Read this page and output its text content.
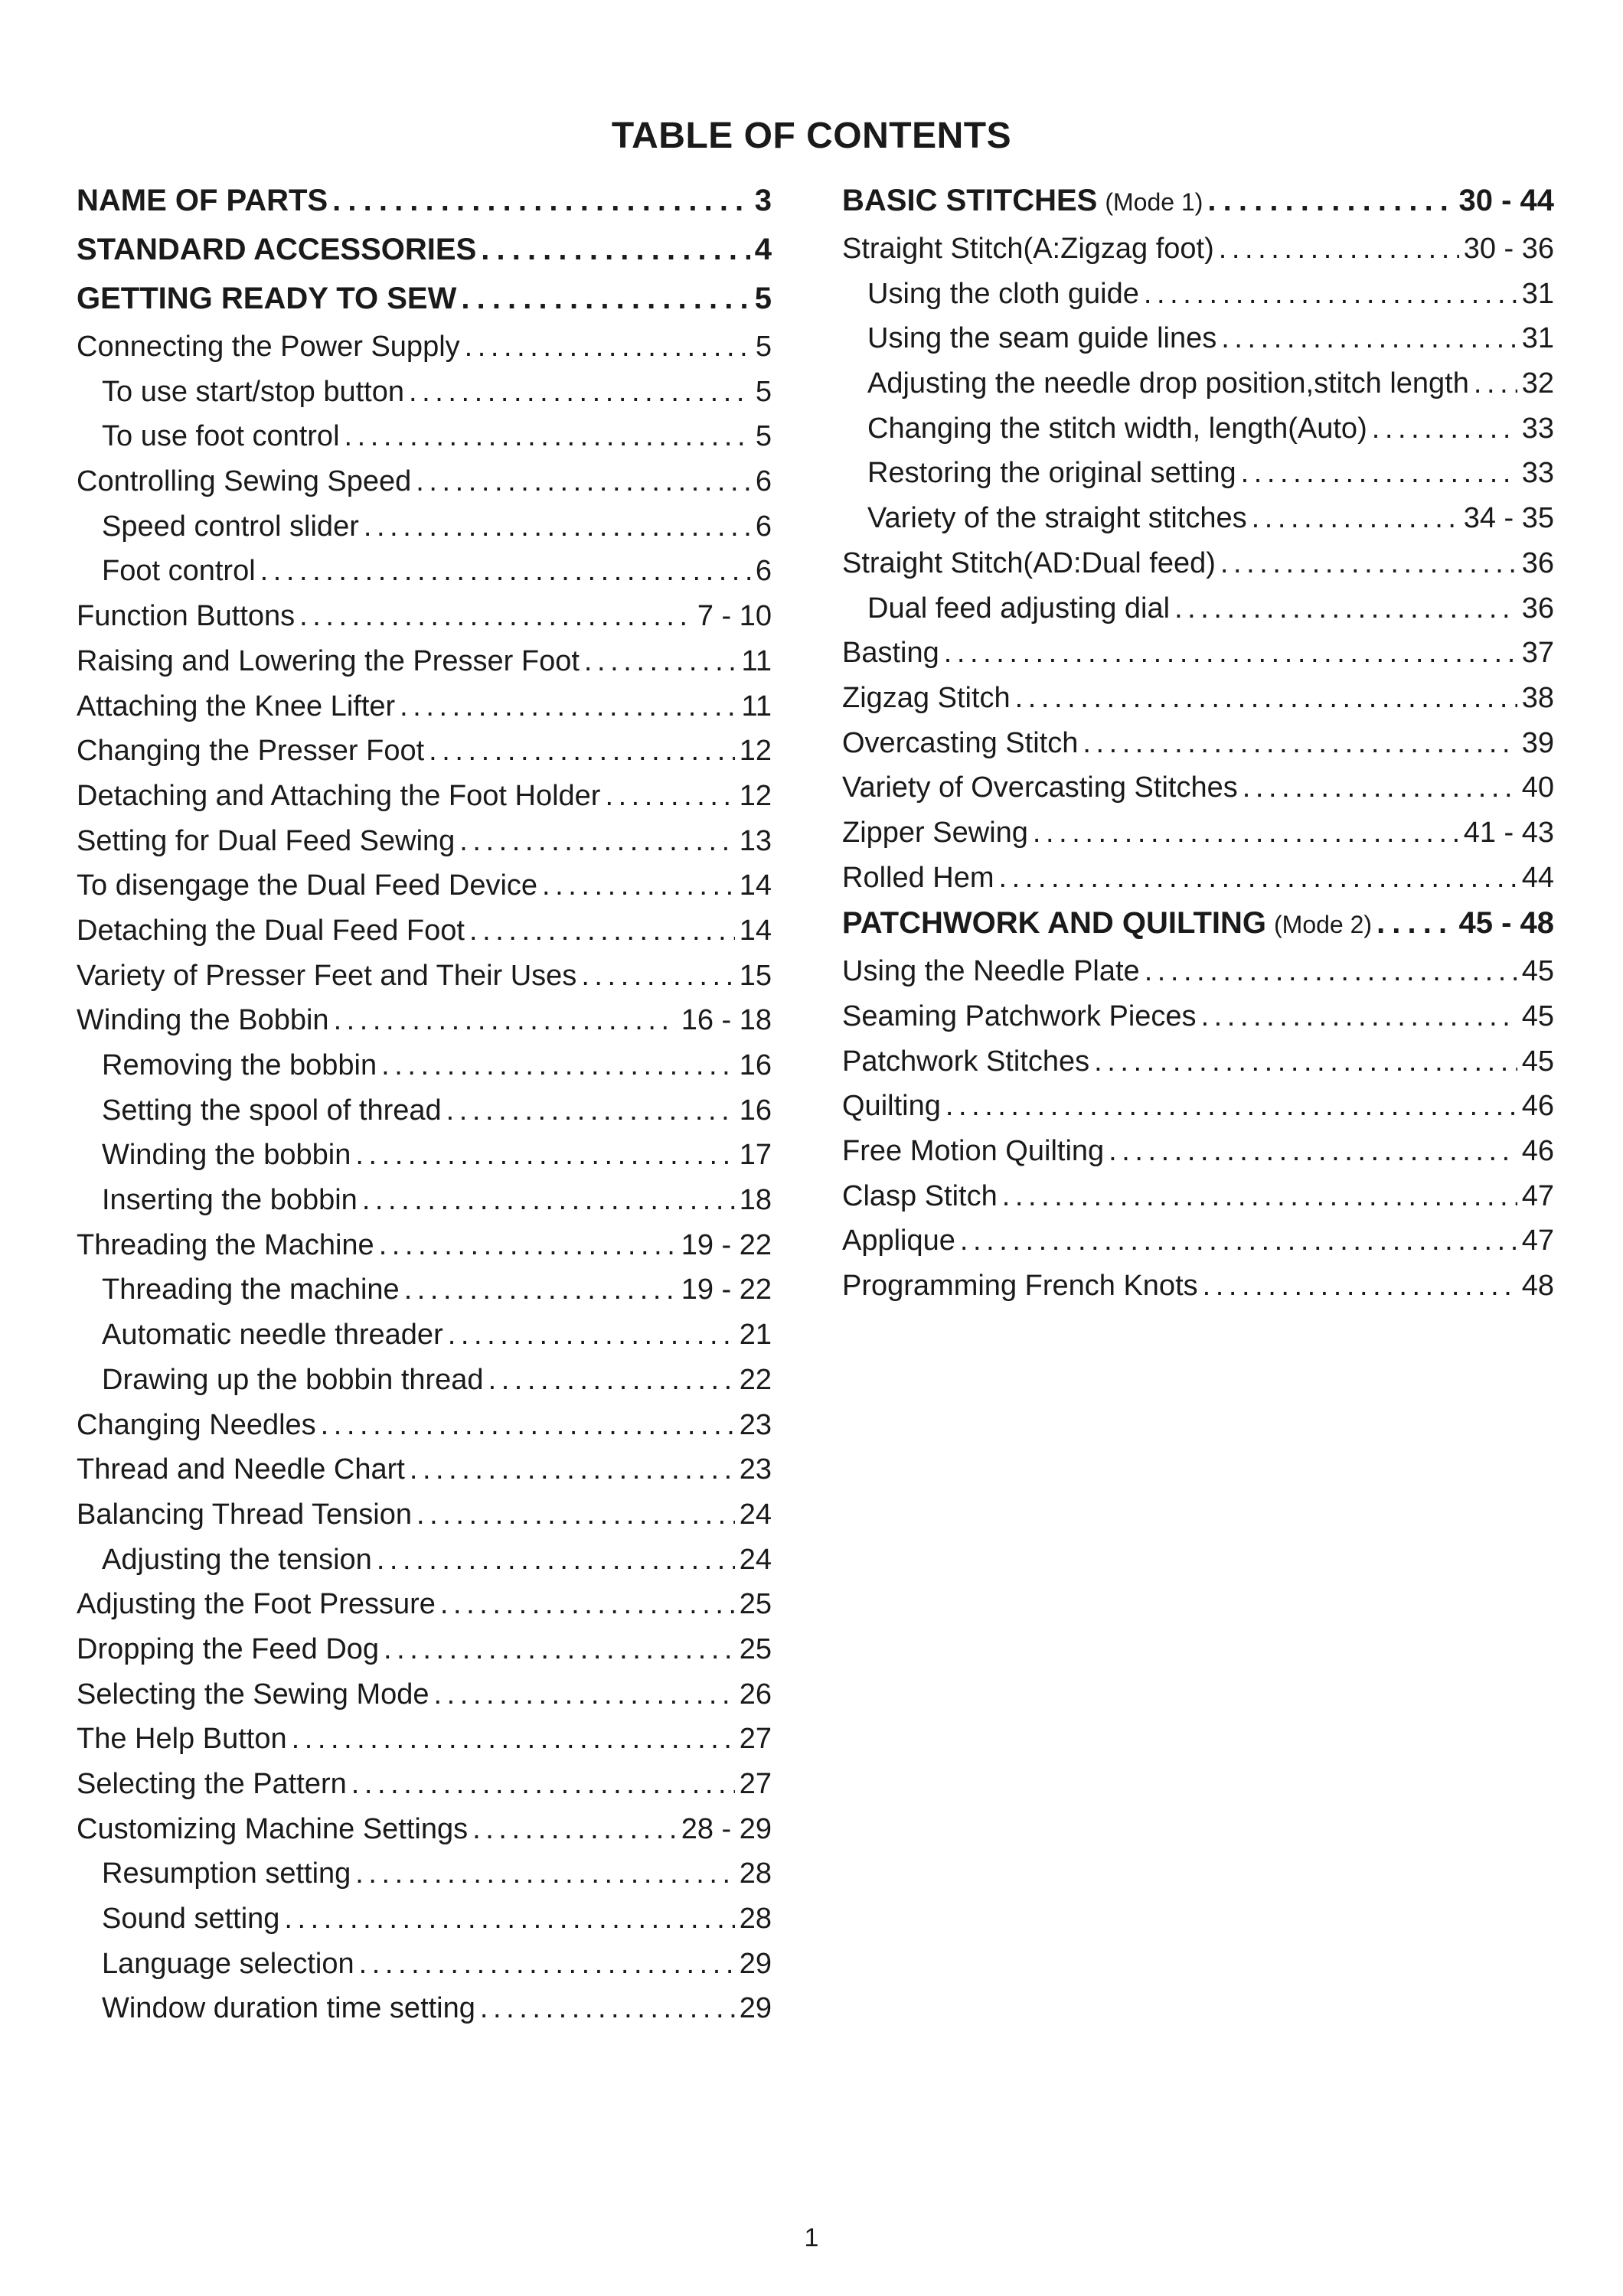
TABLE OF CONTENTS
NAME OF PARTS . . .	3
STANDARD ACCESSORIES . . .	4
GETTING READY TO SEW . . .	5
Connecting the Power Supply . . .	5
To use start/stop button . . .	5
To use foot control . . .	5
Controlling Sewing Speed . . .	6
Speed control slider . . .	6
Foot control . . .	6
Function Buttons . . .	7 - 10
Raising and Lowering the Presser Foot . . .	11
Attaching the Knee Lifter . . .	11
Changing the Presser Foot . . .	12
Detaching and Attaching the Foot Holder . . .	12
Setting for Dual Feed Sewing . . .	13
To disengage the Dual Feed Device . . .	14
Detaching the Dual Feed Foot . . .	14
Variety of Presser Feet and Their Uses . . .	15
Winding the Bobbin . . .	16 - 18
Removing the bobbin . . .	16
Setting the spool of thread . . .	16
Winding the bobbin . . .	17
Inserting the bobbin . . .	18
Threading the Machine . . .	19 - 22
Threading the machine . . .	19 - 22
Automatic needle threader . . .	21
Drawing up the bobbin thread . . .	22
Changing Needles . . .	23
Thread and Needle Chart . . .	23
Balancing Thread Tension . . .	24
Adjusting the tension . . .	24
Adjusting the Foot Pressure . . .	25
Dropping the Feed Dog . . .	25
Selecting the Sewing Mode . . .	26
The Help Button . . .	27
Selecting the Pattern . . .	27
Customizing Machine Settings . . .	28 - 29
Resumption setting . . .	28
Sound setting . . .	28
Language selection . . .	29
Window duration time setting . . .	29
BASIC STITCHES (Mode 1) . . .	30 - 44
Straight Stitch(A:Zigzag foot) . . .	30 - 36
Using the cloth guide . . .	31
Using the seam guide lines . . .	31
Adjusting the needle drop position,stitch length . . . 32
Changing the stitch width, length(Auto) . . .	33
Restoring the original setting . . .	33
Variety of the straight stitches . . .	34 - 35
Straight Stitch(AD:Dual feed) . . .	36
Dual feed adjusting dial . . .	36
Basting . . .	37
Zigzag Stitch . . .	38
Overcasting Stitch . . .	39
Variety of Overcasting Stitches . . .	40
Zipper Sewing . . .	41 - 43
Rolled Hem . . .	44
PATCHWORK AND QUILTING (Mode 2) . . .	45 - 48
Using the Needle Plate . . .	45
Seaming Patchwork Pieces . . .	45
Patchwork Stitches . . .	45
Quilting . . .	46
Free Motion Quilting . . .	46
Clasp Stitch . . .	47
Applique . . .	47
Programming French Knots . . .	48
1
